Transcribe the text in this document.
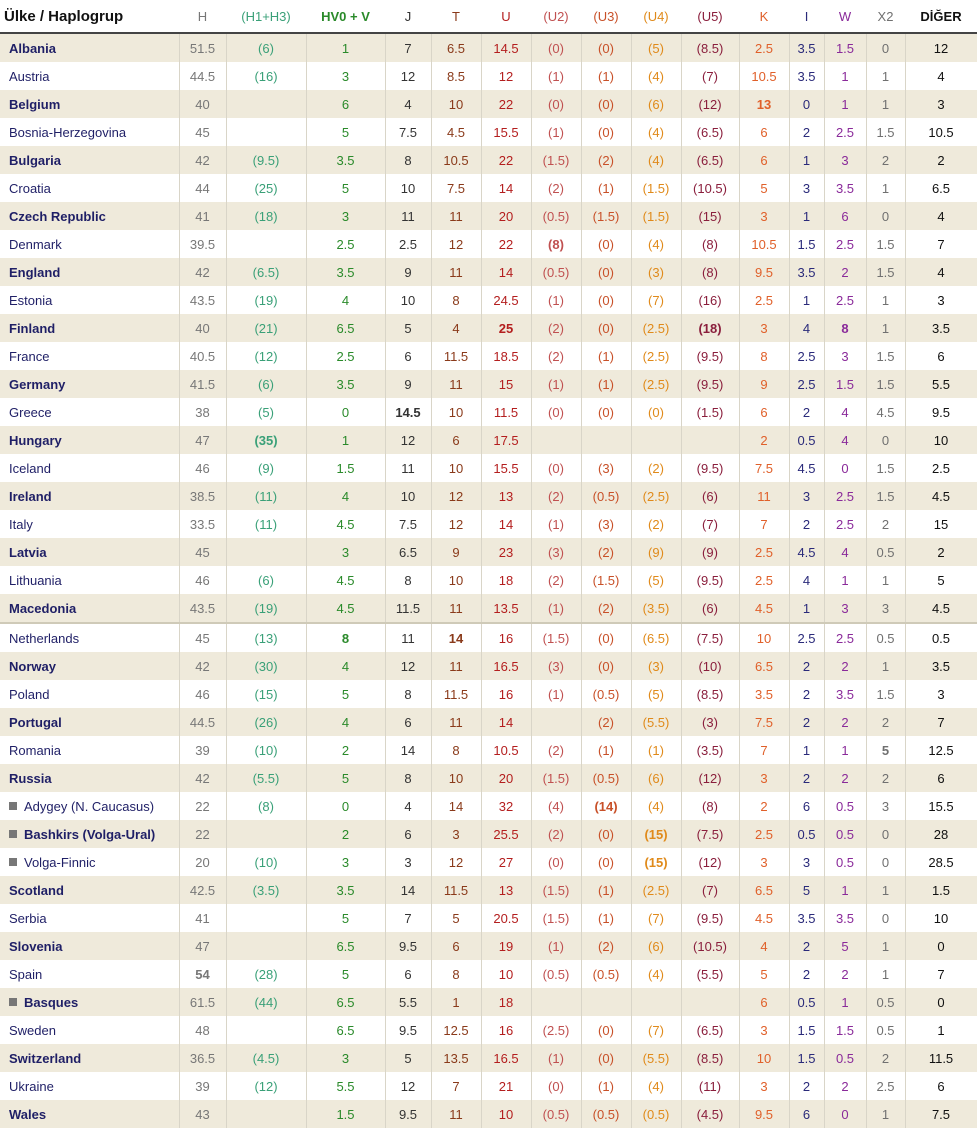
Ülke / Haplogrup	H	(H1+H3)	HV0 + V	J	T	U	(U2)	(U3)	(U4)	(U5)	K	I	W	X2	DİĞER
Albania	51.5	(6)	1	7	6.5	14.5	(0)	(0)	(5)	(8.5)	2.5	3.5	1.5	0	12
Austria	44.5	(16)	3	12	8.5	12	(1)	(1)	(4)	(7)	10.5	3.5	1	1	4
Belgium	40		6	4	10	22	(0)	(0)	(6)	(12)	13	0	1	1	3
Bosnia-Herzegovina	45		5	7.5	4.5	15.5	(1)	(0)	(4)	(6.5)	6	2	2.5	1.5	10.5
Bulgaria	42	(9.5)	3.5	8	10.5	22	(1.5)	(2)	(4)	(6.5)	6	1	3	2	2
Croatia	44	(25)	5	10	7.5	14	(2)	(1)	(1.5)	(10.5)	5	3	3.5	1	6.5
Czech Republic	41	(18)	3	11	11	20	(0.5)	(1.5)	(1.5)	(15)	3	1	6	0	4
Denmark	39.5		2.5	2.5	12	22	(8)	(0)	(4)	(8)	10.5	1.5	2.5	1.5	7
England	42	(6.5)	3.5	9	11	14	(0.5)	(0)	(3)	(8)	9.5	3.5	2	1.5	4
Estonia	43.5	(19)	4	10	8	24.5	(1)	(0)	(7)	(16)	2.5	1	2.5	1	3
Finland	40	(21)	6.5	5	4	25	(2)	(0)	(2.5)	(18)	3	4	8	1	3.5
France	40.5	(12)	2.5	6	11.5	18.5	(2)	(1)	(2.5)	(9.5)	8	2.5	3	1.5	6
Germany	41.5	(6)	3.5	9	11	15	(1)	(1)	(2.5)	(9.5)	9	2.5	1.5	1.5	5.5
Greece	38	(5)	0	14.5	10	11.5	(0)	(0)	(0)	(1.5)	6	2	4	4.5	9.5
Hungary	47	(35)	1	12	6	17.5					2	0.5	4	0	10
Iceland	46	(9)	1.5	11	10	15.5	(0)	(3)	(2)	(9.5)	7.5	4.5	0	1.5	2.5
Ireland	38.5	(11)	4	10	12	13	(2)	(0.5)	(2.5)	(6)	11	3	2.5	1.5	4.5
Italy	33.5	(11)	4.5	7.5	12	14	(1)	(3)	(2)	(7)	7	2	2.5	2	15
Latvia	45		3	6.5	9	23	(3)	(2)	(9)	(9)	2.5	4.5	4	0.5	2
Lithuania	46	(6)	4.5	8	10	18	(2)	(1.5)	(5)	(9.5)	2.5	4	1	1	5
Macedonia	43.5	(19)	4.5	11.5	11	13.5	(1)	(2)	(3.5)	(6)	4.5	1	3	3	4.5
Netherlands	45	(13)	8	11	14	16	(1.5)	(0)	(6.5)	(7.5)	10	2.5	2.5	0.5	0.5
Norway	42	(30)	4	12	11	16.5	(3)	(0)	(3)	(10)	6.5	2	2	1	3.5
Poland	46	(15)	5	8	11.5	16	(1)	(0.5)	(5)	(8.5)	3.5	2	3.5	1.5	3
Portugal	44.5	(26)	4	6	11	14		(2)	(5.5)	(3)	7.5	2	2	2	7
Romania	39	(10)	2	14	8	10.5	(2)	(1)	(1)	(3.5)	7	1	1	5	12.5
Russia	42	(5.5)	5	8	10	20	(1.5)	(0.5)	(6)	(12)	3	2	2	2	6
Adygey (N. Caucasus)	22	(8)	0	4	14	32	(4)	(14)	(4)	(8)	2	6	0.5	3	15.5
Bashkirs (Volga-Ural)	22		2	6	3	25.5	(2)	(0)	(15)	(7.5)	2.5	0.5	0.5	0	28
Volga-Finnic	20	(10)	3	3	12	27	(0)	(0)	(15)	(12)	3	3	0.5	0	28.5
Scotland	42.5	(3.5)	3.5	14	11.5	13	(1.5)	(1)	(2.5)	(7)	6.5	5	1	1	1.5
Serbia	41		5	7	5	20.5	(1.5)	(1)	(7)	(9.5)	4.5	3.5	3.5	0	10
Slovenia	47		6.5	9.5	6	19	(1)	(2)	(6)	(10.5)	4	2	5	1	0
Spain	54	(28)	5	6	8	10	(0.5)	(0.5)	(4)	(5.5)	5	2	2	1	7
Basques	61.5	(44)	6.5	5.5	1	18					6	0.5	1	0.5	0
Sweden	48		6.5	9.5	12.5	16	(2.5)	(0)	(7)	(6.5)	3	1.5	1.5	0.5	1
Switzerland	36.5	(4.5)	3	5	13.5	16.5	(1)	(0)	(5.5)	(8.5)	10	1.5	0.5	2	11.5
Ukraine	39	(12)	5.5	12	7	21	(0)	(1)	(4)	(11)	3	2	2	2.5	6
Wales	43		1.5	9.5	11	10	(0.5)	(0.5)	(0.5)	(4.5)	9.5	6	0	1	7.5
